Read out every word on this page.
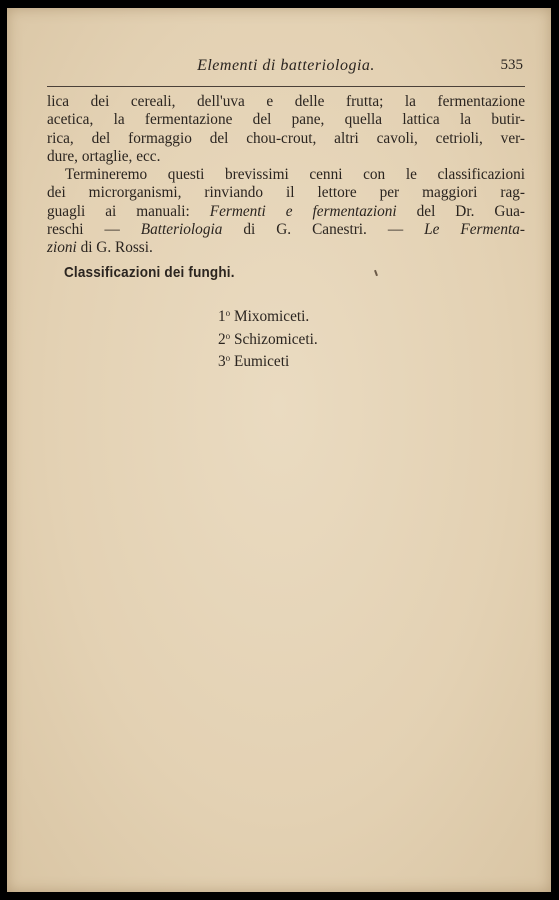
Elementi di batteriologia.	535
lica dei cereali, dell'uva e delle frutta; la fermentazione
acetica, la fermentazione del pane, quella lattica la butir-
rica, del formaggio del chou-crout, altri cavoli, cetrioli, ver-
dure, ortaglie, ecc.
Termineremo questi brevissimi cenni con le classificazioni
dei microrganismi, rinviando il lettore per maggiori rag-
guagli ai manuali: Fermenti e fermentazioni del Dr. Gua-
reschi — Batteriologia di G. Canestri. — Le Fermenta-
zioni di G. Rossi.
Classificazioni dei funghi.
1$^o$ Mixomiceti.
2$^o$ Schizomiceti.
3$^o$ Eumiceti
